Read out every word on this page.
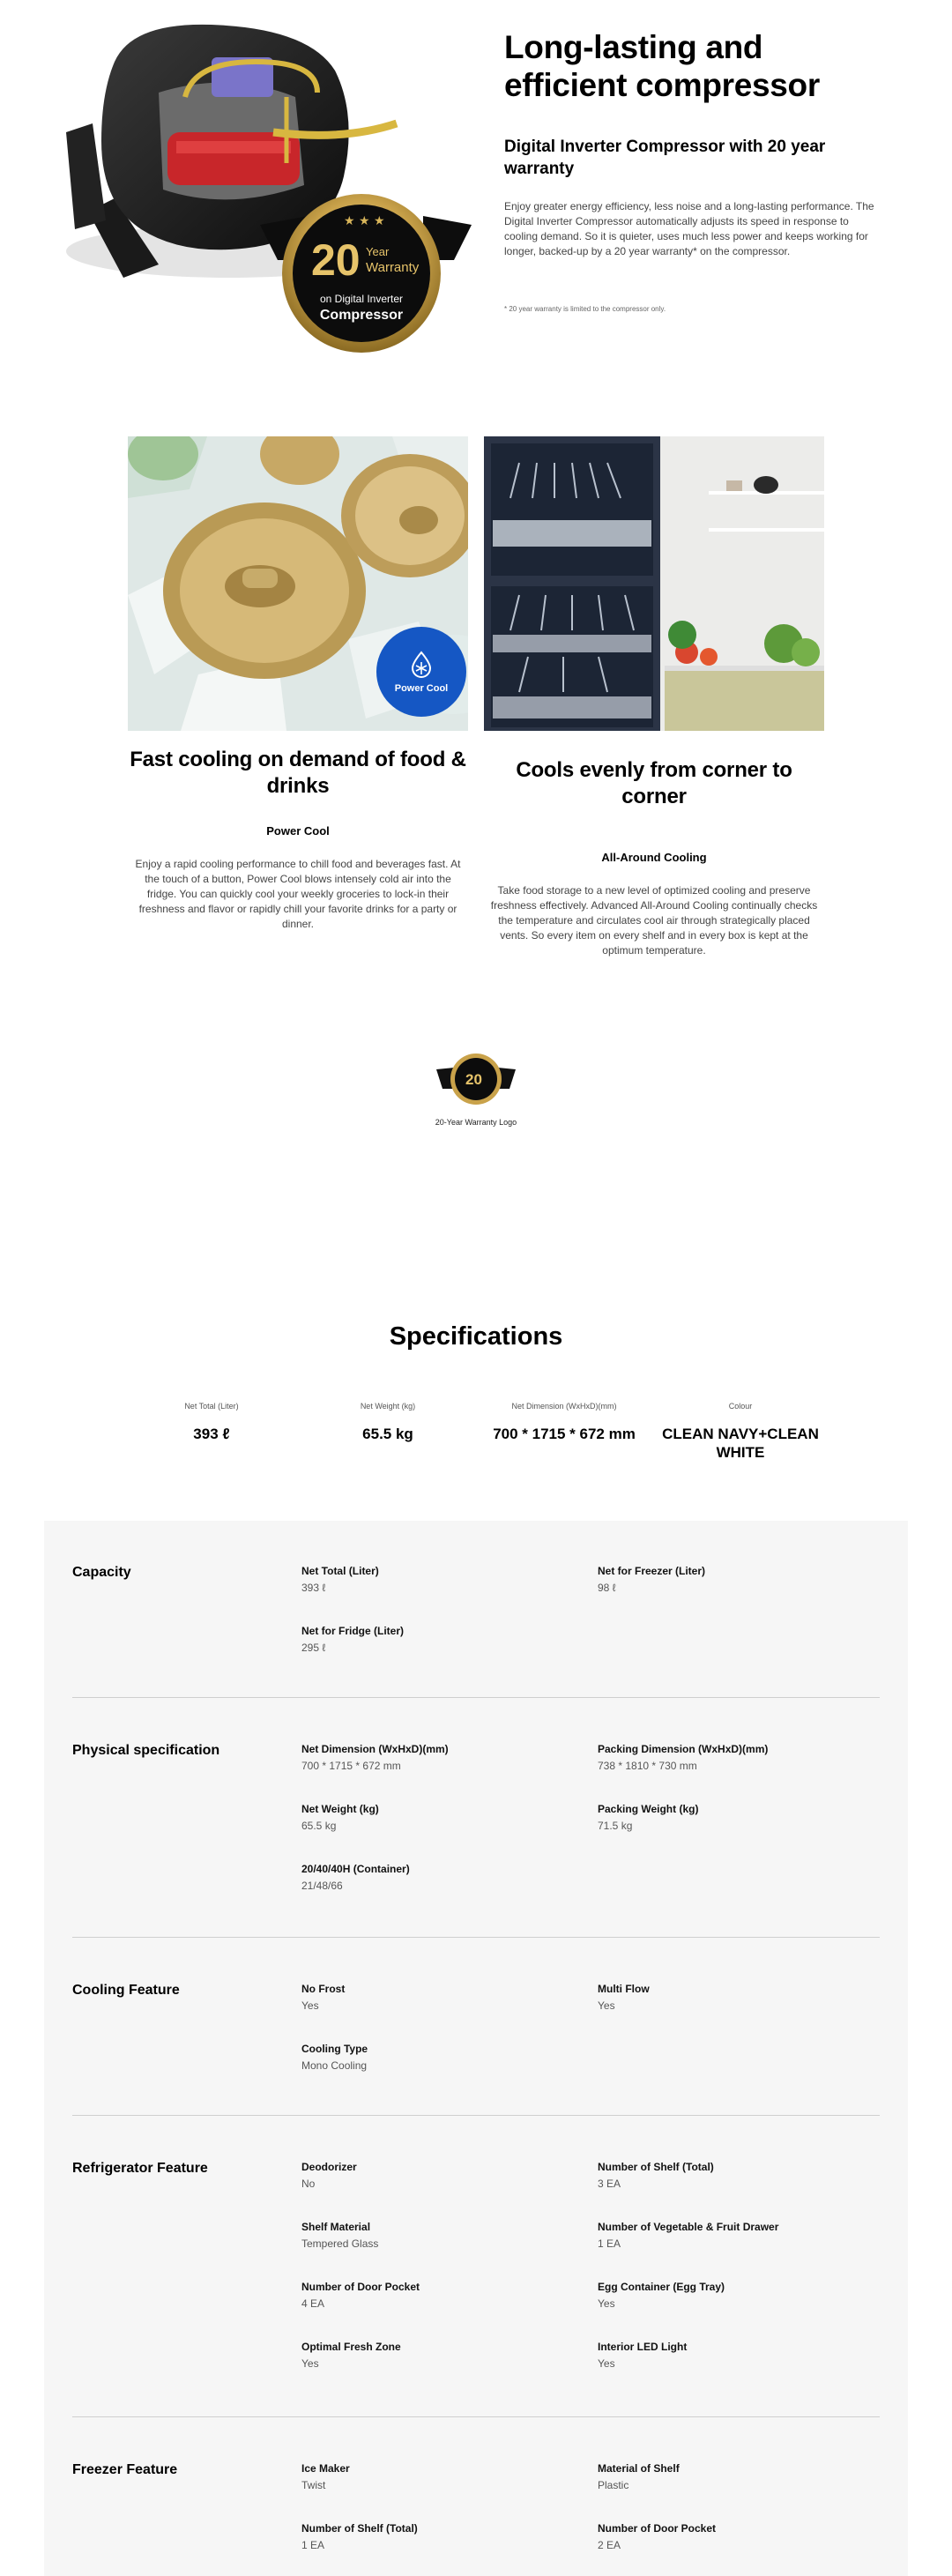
★ ★ ★
20 Year
Warranty
on Digital Inverter
Compressor
Long-lasting and efficient compressor
Digital Inverter Compressor with 20 year warranty

Enjoy greater energy efficiency, less noise and a long-lasting performance. The Digital Inverter Compressor automatically adjusts its speed in response to cooling demand. So it is quieter, uses much less power and keeps working for longer, backed-up by a 20 year warranty* on the compressor.

* 20 year warranty is limited to the compressor only.

Power Cool
Fast cooling on demand of food & drinks
Power Cool

Enjoy a rapid cooling performance to chill food and beverages fast. At the touch of a button, Power Cool blows intensely cold air into the fridge. You can quickly cool your weekly groceries to lock-in their freshness and flavor or rapidly chill your favorite drinks for a party or dinner.

Cools evenly from corner to corner
All-Around Cooling

Take food storage to a new level of optimized cooling and preserve freshness effectively. Advanced All-Around Cooling continually checks the temperature and circulates cool air through strategically placed vents. So every item on every shelf and in every box is kept at the optimum temperature.

20
20-Year Warranty Logo
Specifications
Net Total (Liter)
393 ℓ
Net Weight (kg)
65.5 kg
Net Dimension (WxHxD)(mm)
700 * 1715 * 672 mm
Colour
CLEAN NAVY+CLEAN WHITE
Capacity	Net Total (Liter)
393 ℓ
Net for Freezer (Liter)
98 ℓ
Net for Fridge (Liter)
295 ℓ
Physical specification	Net Dimension (WxHxD)(mm)
700 * 1715 * 672 mm
Packing Dimension (WxHxD)(mm)
738 * 1810 * 730 mm
Net Weight (kg)
65.5 kg
Packing Weight (kg)
71.5 kg
20/40/40H (Container)
21/48/66
Cooling Feature	No Frost
Yes
Multi Flow
Yes
Cooling Type
Mono Cooling
Refrigerator Feature	Deodorizer
No
Number of Shelf (Total)
3 EA
Shelf Material
Tempered Glass
Number of Vegetable & Fruit Drawer
1 EA
Number of Door Pocket
4 EA
Egg Container (Egg Tray)
Yes
Optimal Fresh Zone
Yes
Interior LED Light
Yes
Freezer Feature	Ice Maker
Twist
Material of Shelf
Plastic
Number of Shelf (Total)
1 EA
Number of Door Pocket
2 EA
